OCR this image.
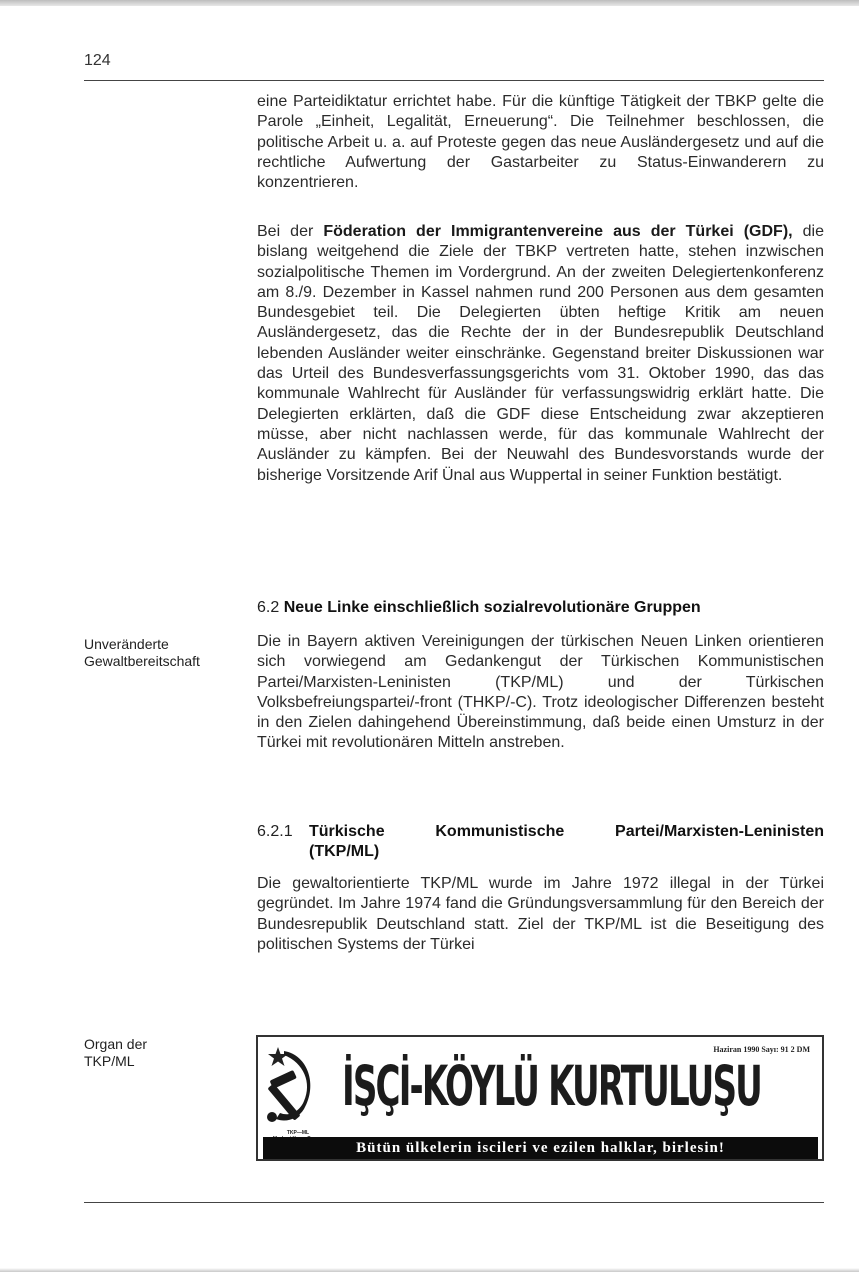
124

eine Parteidiktatur errichtet habe. Für die künftige Tätigkeit der TBKP gelte die Parole „Einheit, Legalität, Erneuerung“. Die Teilnehmer beschlossen, die politische Arbeit u. a. auf Proteste gegen das neue Ausländergesetz und auf die rechtliche Aufwertung der Gastarbeiter zu Status-Einwanderern zu konzentrieren.

Bei der Föderation der Immigrantenvereine aus der Türkei (GDF), die bislang weitgehend die Ziele der TBKP vertreten hatte, stehen inzwischen sozialpolitische Themen im Vordergrund. An der zweiten Delegiertenkonferenz am 8./9. Dezember in Kassel nahmen rund 200 Personen aus dem gesamten Bundesgebiet teil. Die Delegierten übten heftige Kritik am neuen Ausländergesetz, das die Rechte der in der Bundesrepublik Deutschland lebenden Ausländer weiter einschränke. Gegenstand breiter Diskussionen war das Urteil des Bundesverfassungsgerichts vom 31. Oktober 1990, das das kommunale Wahlrecht für Ausländer für verfassungswidrig erklärt hatte. Die Delegierten erklärten, daß die GDF diese Entscheidung zwar akzeptieren müsse, aber nicht nachlassen werde, für das kommunale Wahlrecht der Ausländer zu kämpfen. Bei der Neuwahl des Bundesvorstands wurde der bisherige Vorsitzende Arif Ünal aus Wuppertal in seiner Funktion bestätigt.

6.2 Neue Linke einschließlich sozialrevolutionäre Gruppen
Unveränderte Gewaltbereitschaft

Die in Bayern aktiven Vereinigungen der türkischen Neuen Linken orientieren sich vorwiegend am Gedankengut der Türkischen Kommunistischen Partei/Marxisten-Leninisten (TKP/ML) und der Türkischen Volksbefreiungspartei/-front (THKP/-C). Trotz ideologischer Differenzen besteht in den Zielen dahingehend Übereinstimmung, daß beide einen Umsturz in der Türkei mit revolutionären Mitteln anstreben.

6.2.1	Türkische Kommunistische Partei/Marxisten-Leninisten
(TKP/ML)

Die gewaltorientierte TKP/ML wurde im Jahre 1972 illegal in der Türkei gegründet. Im Jahre 1974 fand die Gründungsversammlung für den Bereich der Bundesrepublik Deutschland statt. Ziel der TKP/ML ist die Beseitigung des politischen Systems der Türkei

Organ der
TKP/ML
TKP—ML
Haziran 1990 Sayı: 91 2 DM
İŞÇİ-KÖYLÜ KURTULUŞU
Bütün ülkelerin iscileri ve ezilen halklar, birlesin!
